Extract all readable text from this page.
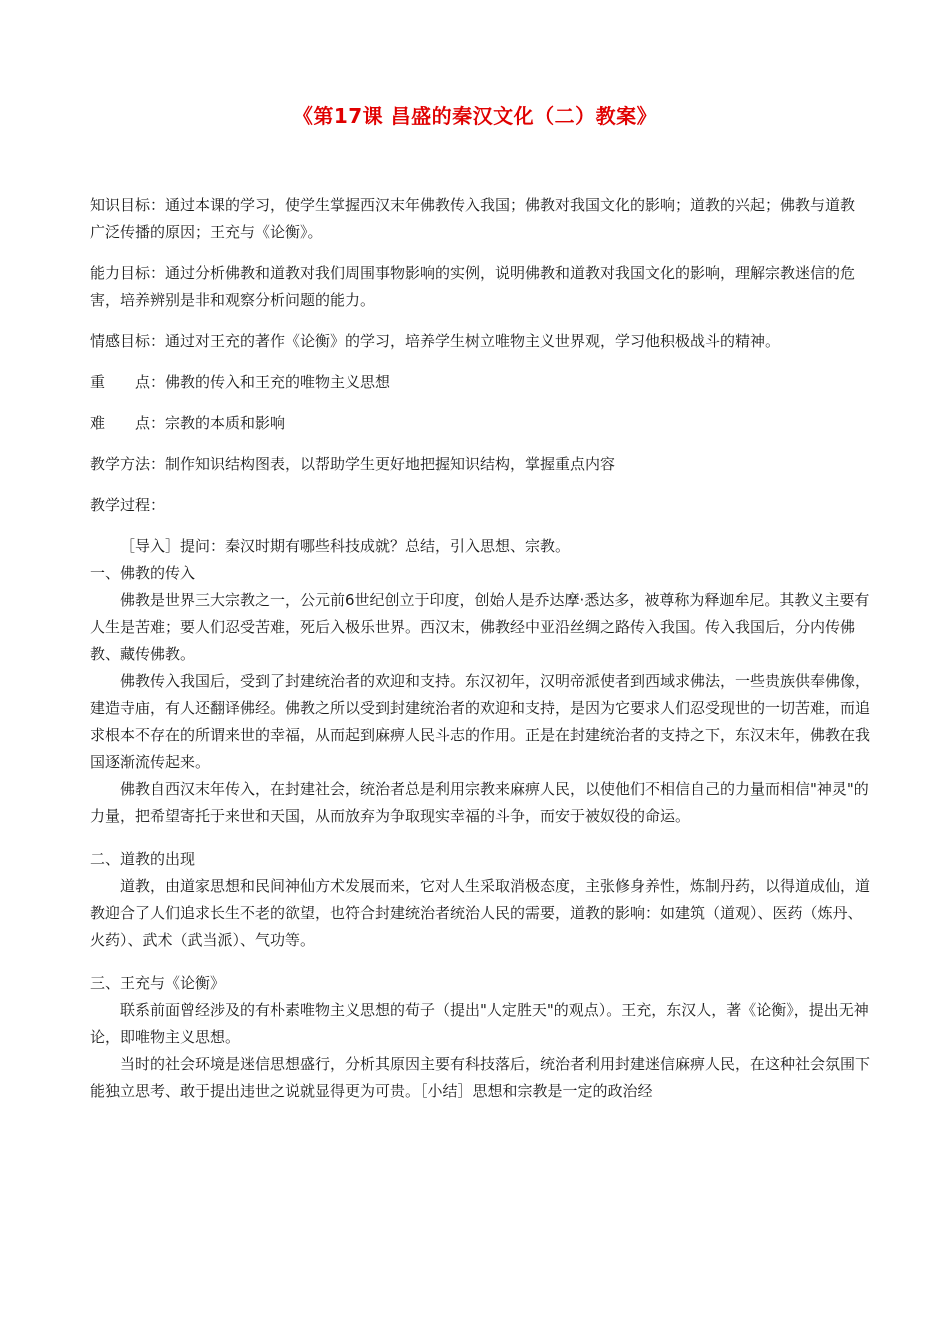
《第17课 昌盛的秦汉文化（二）教案》

知识目标：通过本课的学习，使学生掌握西汉末年佛教传入我国；佛教对我国文化的影响；道教的兴起；佛教与道教广泛传播的原因；王充与《论衡》。

能力目标：通过分析佛教和道教对我们周围事物影响的实例，说明佛教和道教对我国文化的影响，理解宗教迷信的危害，培养辨别是非和观察分析问题的能力。

情感目标：通过对王充的著作《论衡》的学习，培养学生树立唯物主义世界观，学习他积极战斗的精神。

重　　点：佛教的传入和王充的唯物主义思想

难　　点：宗教的本质和影响

教学方法：制作知识结构图表，以帮助学生更好地把握知识结构，掌握重点内容

教学过程：

［导入］提问：秦汉时期有哪些科技成就？总结，引入思想、宗教。

一、佛教的传入

佛教是世界三大宗教之一，公元前6世纪创立于印度，创始人是乔达摩·悉达多，被尊称为释迦牟尼。其教义主要有人生是苦难；要人们忍受苦难，死后入极乐世界。西汉末，佛教经中亚沿丝绸之路传入我国。传入我国后，分内传佛教、藏传佛教。

佛教传入我国后，受到了封建统治者的欢迎和支持。东汉初年，汉明帝派使者到西域求佛法，一些贵族供奉佛像，建造寺庙，有人还翻译佛经。佛教之所以受到封建统治者的欢迎和支持，是因为它要求人们忍受现世的一切苦难，而追求根本不存在的所谓来世的幸福，从而起到麻痹人民斗志的作用。正是在封建统治者的支持之下，东汉末年，佛教在我国逐渐流传起来。

佛教自西汉末年传入，在封建社会，统治者总是利用宗教来麻痹人民，以使他们不相信自己的力量而相信"神灵"的力量，把希望寄托于来世和天国，从而放弃为争取现实幸福的斗争，而安于被奴役的命运。

二、道教的出现

道教，由道家思想和民间神仙方术发展而来，它对人生采取消极态度，主张修身养性，炼制丹药，以得道成仙，道教迎合了人们追求长生不老的欲望，也符合封建统治者统治人民的需要，道教的影响：如建筑（道观）、医药（炼丹、火药）、武术（武当派）、气功等。

三、王充与《论衡》

联系前面曾经涉及的有朴素唯物主义思想的荀子（提出"人定胜天"的观点）。王充，东汉人，著《论衡》，提出无神论，即唯物主义思想。

当时的社会环境是迷信思想盛行，分析其原因主要有科技落后，统治者利用封建迷信麻痹人民，在这种社会氛围下能独立思考、敢于提出违世之说就显得更为可贵。［小结］思想和宗教是一定的政治经
